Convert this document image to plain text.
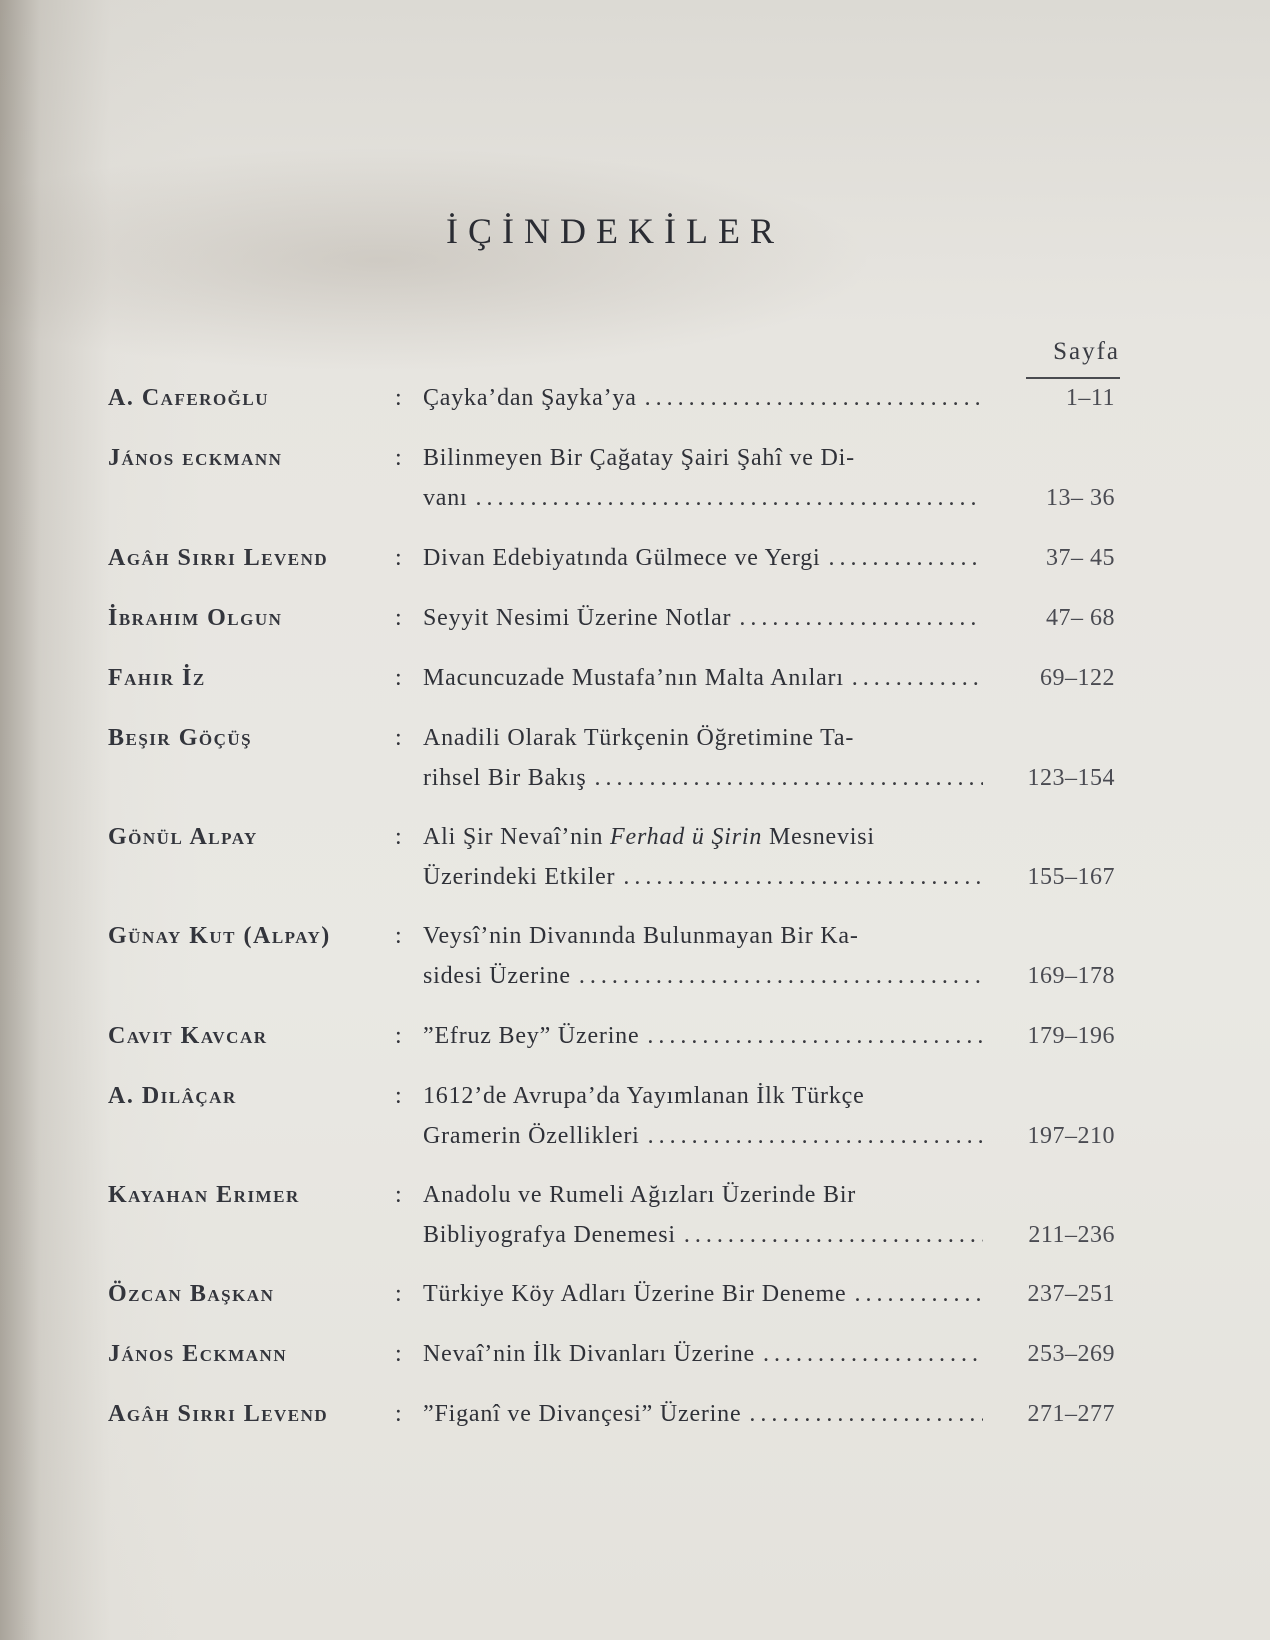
İÇİNDEKİLER
Sayfa
A. Caferoğlu	: Çayka’dan Şayka’ya .....	1–11
János eckmann	: Bilinmeyen Bir Çağatay Şairi Şahî ve Di-
vanı .....	13– 36
Agâh Sırrı Levend	: Divan Edebiyatında Gülmece ve Yergi .....	37– 45
İbrahim Olgun	: Seyyit Nesimi Üzerine Notlar .....	47– 68
Fahir İz	: Macuncuzade Mustafa’nın Malta Anıları .....	69–122
Beşir Göçüş	: Anadili Olarak Türkçenin Öğretimine Ta-
rihsel Bir Bakış .....	123–154
Gönül Alpay	: Ali Şir Nevaî’nin Ferhad ü Şirin Mesnevisi
Üzerindeki Etkiler .....	155–167
Günay Kut (Alpay)	: Veysî’nin Divanında Bulunmayan Bir Ka-
sidesi Üzerine .....	169–178
Cavit Kavcar	: ”Efruz Bey” Üzerine .....	179–196
A. Dilâçar	: 1612’de Avrupa’da Yayımlanan İlk Türkçe
Gramerin Özellikleri .....	197–210
Kayahan Erimer	: Anadolu ve Rumeli Ağızları Üzerinde Bir
Bibliyografya Denemesi .....	211–236
Özcan Başkan	: Türkiye Köy Adları Üzerine Bir Deneme .....	237–251
János Eckmann	: Nevaî’nin İlk Divanları Üzerine .....	253–269
Agâh Sırrı Levend	: ”Figanî ve Divançesi” Üzerine .....	271–277
